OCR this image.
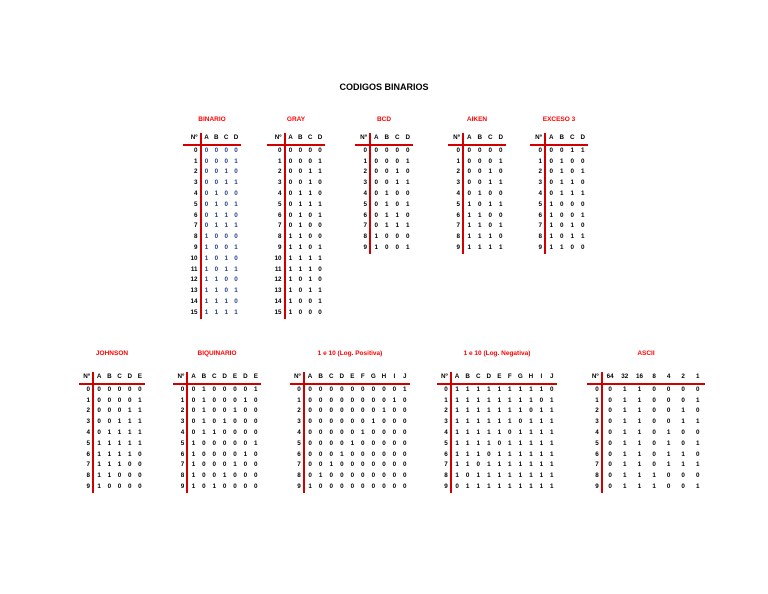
CODIGOS BINARIOS
BINARIO
Nº	A	B	C	D
0	0	0	0	0
1	0	0	0	1
2	0	0	1	0
3	0	0	1	1
4	0	1	0	0
5	0	1	0	1
6	0	1	1	0
7	0	1	1	1
8	1	0	0	0
9	1	0	0	1
10	1	0	1	0
11	1	0	1	1
12	1	1	0	0
13	1	1	0	1
14	1	1	1	0
15	1	1	1	1
GRAY
Nº	A	B	C	D
0	0	0	0	0
1	0	0	0	1
2	0	0	1	1
3	0	0	1	0
4	0	1	1	0
5	0	1	1	1
6	0	1	0	1
7	0	1	0	0
8	1	1	0	0
9	1	1	0	1
10	1	1	1	1
11	1	1	1	0
12	1	0	1	0
13	1	0	1	1
14	1	0	0	1
15	1	0	0	0
BCD
Nº	A	B	C	D
0	0	0	0	0
1	0	0	0	1
2	0	0	1	0
3	0	0	1	1
4	0	1	0	0
5	0	1	0	1
6	0	1	1	0
7	0	1	1	1
8	1	0	0	0
9	1	0	0	1
AIKEN
Nº	A	B	C	D
0	0	0	0	0
1	0	0	0	1
2	0	0	1	0
3	0	0	1	1
4	0	1	0	0
5	1	0	1	1
6	1	1	0	0
7	1	1	0	1
8	1	1	1	0
9	1	1	1	1
EXCESO 3
Nº	A	B	C	D
0	0	0	1	1
1	0	1	0	0
2	0	1	0	1
3	0	1	1	0
4	0	1	1	1
5	1	0	0	0
6	1	0	0	1
7	1	0	1	0
8	1	0	1	1
9	1	1	0	0
JOHNSON
Nº	A	B	C	D	E
0	0	0	0	0	0
1	0	0	0	0	1
2	0	0	0	1	1
3	0	0	1	1	1
4	0	1	1	1	1
5	1	1	1	1	1
6	1	1	1	1	0
7	1	1	1	0	0
8	1	1	0	0	0
9	1	0	0	0	0
BIQUINARIO
Nº	A	B	C	D	E	D	E
0	0	1	0	0	0	0	1
1	0	1	0	0	0	1	0
2	0	1	0	0	1	0	0
3	0	1	0	1	0	0	0
4	0	1	1	0	0	0	0
5	1	0	0	0	0	0	1
6	1	0	0	0	0	1	0
7	1	0	0	0	1	0	0
8	1	0	0	1	0	0	0
9	1	0	1	0	0	0	0
1 e 10 (Log. Positiva)
Nº	A	B	C	D	E	F	G	H	I	J
0	0	0	0	0	0	0	0	0	0	1
1	0	0	0	0	0	0	0	0	1	0
2	0	0	0	0	0	0	0	1	0	0
3	0	0	0	0	0	0	1	0	0	0
4	0	0	0	0	0	1	0	0	0	0
5	0	0	0	0	1	0	0	0	0	0
6	0	0	0	1	0	0	0	0	0	0
7	0	0	1	0	0	0	0	0	0	0
8	0	1	0	0	0	0	0	0	0	0
9	1	0	0	0	0	0	0	0	0	0
1 e 10 (Log. Negativa)
Nº	A	B	C	D	E	F	G	H	I	J
0	1	1	1	1	1	1	1	1	1	0
1	1	1	1	1	1	1	1	1	0	1
2	1	1	1	1	1	1	1	0	1	1
3	1	1	1	1	1	1	0	1	1	1
4	1	1	1	1	1	0	1	1	1	1
5	1	1	1	1	0	1	1	1	1	1
6	1	1	1	0	1	1	1	1	1	1
7	1	1	0	1	1	1	1	1	1	1
8	1	0	1	1	1	1	1	1	1	1
9	0	1	1	1	1	1	1	1	1	1
ASCII
Nº	64	32	16	8	4	2	1
0	0	1	1	0	0	0	0
1	0	1	1	0	0	0	1
2	0	1	1	0	0	1	0
3	0	1	1	0	0	1	1
4	0	1	1	0	1	0	0
5	0	1	1	0	1	0	1
6	0	1	1	0	1	1	0
7	0	1	1	0	1	1	1
8	0	1	1	1	0	0	0
9	0	1	1	1	0	0	1
